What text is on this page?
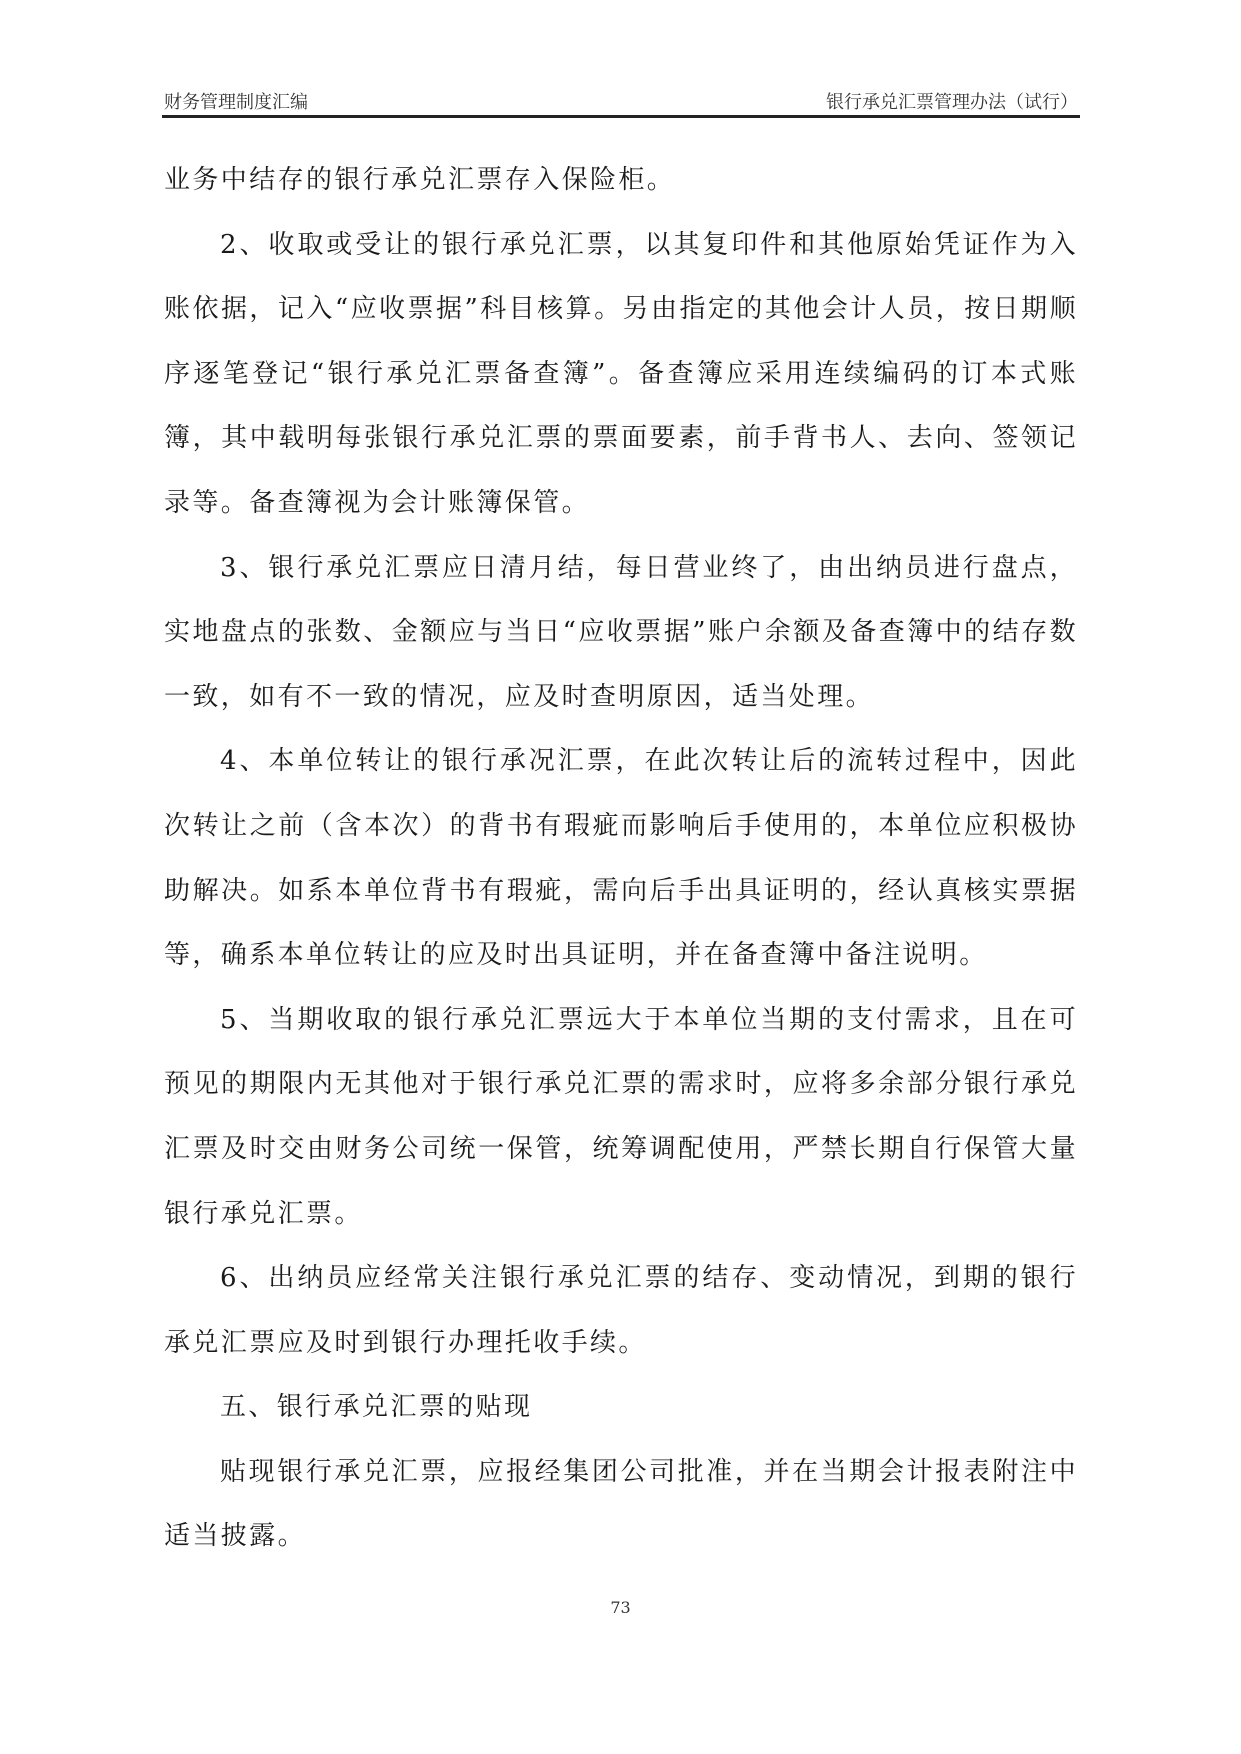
财务管理制度汇编	银行承兑汇票管理办法（试行）

业务中结存的银行承兑汇票存入保险柜。

2、收取或受让的银行承兑汇票，以其复印件和其他原始凭证作为入账依据，记入“应收票据”科目核算。另由指定的其他会计人员，按日期顺序逐笔登记“银行承兑汇票备查簿”。备查簿应采用连续编码的订本式账簿，其中载明每张银行承兑汇票的票面要素，前手背书人、去向、签领记录等。备查簿视为会计账簿保管。

3、银行承兑汇票应日清月结，每日营业终了，由出纳员进行盘点，实地盘点的张数、金额应与当日“应收票据”账户余额及备查簿中的结存数一致，如有不一致的情况，应及时查明原因，适当处理。

4、本单位转让的银行承况汇票，在此次转让后的流转过程中，因此次转让之前（含本次）的背书有瑕疵而影响后手使用的，本单位应积极协助解决。如系本单位背书有瑕疵，需向后手出具证明的，经认真核实票据等，确系本单位转让的应及时出具证明，并在备查簿中备注说明。

5、当期收取的银行承兑汇票远大于本单位当期的支付需求，且在可预见的期限内无其他对于银行承兑汇票的需求时，应将多余部分银行承兑汇票及时交由财务公司统一保管，统筹调配使用，严禁长期自行保管大量银行承兑汇票。

6、出纳员应经常关注银行承兑汇票的结存、变动情况，到期的银行承兑汇票应及时到银行办理托收手续。

五、银行承兑汇票的贴现

贴现银行承兑汇票，应报经集团公司批准，并在当期会计报表附注中适当披露。

73
